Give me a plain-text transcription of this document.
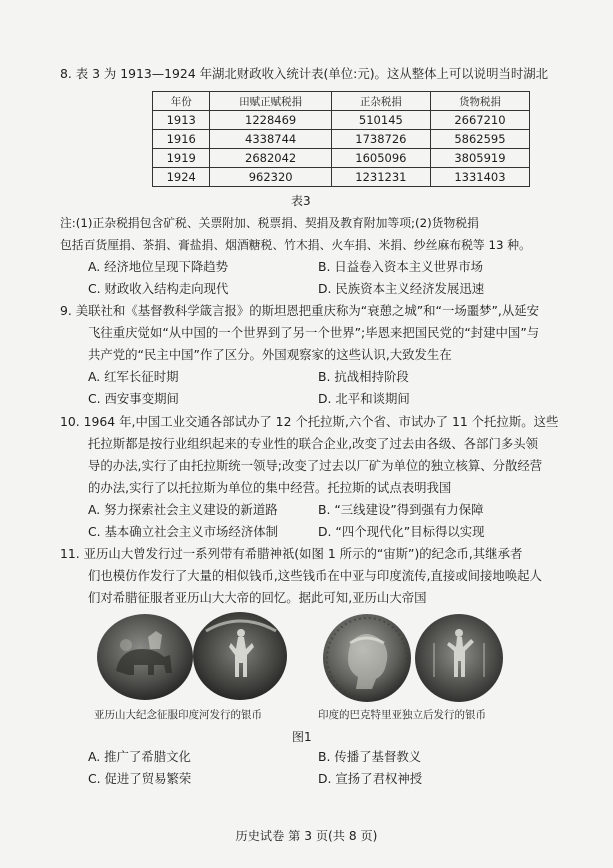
8. 表 3 为 1913—1924 年湖北财政收入统计表(单位:元)。这从整体上可以说明当时湖北
年份	田赋正赋税捐	正杂税捐	货物税捐
1913	1228469	510145	2667210
1916	4338744	1738726	5862595
1919	2682042	1605096	3805919
1924	962320	1231231	1331403
表3
注:(1)正杂税捐包含矿税、关票附加、税票捐、契捐及教育附加等项;(2)货物税捐
包括百货厘捐、茶捐、膏盐捐、烟酒糖税、竹木捐、火车捐、米捐、纱丝麻布税等 13 种。
A. 经济地位呈现下降趋势	B. 日益卷入资本主义世界市场
C. 财政收入结构走向现代	D. 民族资本主义经济发展迅速
9. 美联社和《基督教科学箴言报》的斯坦恩把重庆称为“衰憩之城”和“一场噩梦”,从延安
飞往重庆觉如“从中国的一个世界到了另一个世界”;毕恩来把国民党的“封建中国”与
共产党的“民主中国”作了区分。外国观察家的这些认识,大致发生在
A. 红军长征时期	B. 抗战相持阶段
C. 西安事变期间	D. 北平和谈期间
10. 1964 年,中国工业交通各部试办了 12 个托拉斯,六个省、市试办了 11 个托拉斯。这些
托拉斯都是按行业组织起来的专业性的联合企业,改变了过去由各级、各部门多头领
导的办法,实行了由托拉斯统一领导;改变了过去以厂矿为单位的独立核算、分散经营
的办法,实行了以托拉斯为单位的集中经营。托拉斯的试点表明我国
A. 努力探索社会主义建设的新道路	B. “三线建设”得到强有力保障
C. 基本确立社会主义市场经济体制	D. “四个现代化”目标得以实现
11. 亚历山大曾发行过一系列带有希腊神祇(如图 1 所示的“宙斯”)的纪念币,其继承者
们也模仿作发行了大量的相似钱币,这些钱币在中亚与印度流传,直接或间接地唤起人
们对希腊征服者亚历山大大帝的回忆。据此可知,亚历山大帝国
亚历山大纪念征服印度河发行的银币	印度的巴克特里亚独立后发行的银币
图1
A. 推广了希腊文化	B. 传播了基督教义
C. 促进了贸易繁荣	D. 宣扬了君权神授
历史试卷 第 3 页(共 8 页)
